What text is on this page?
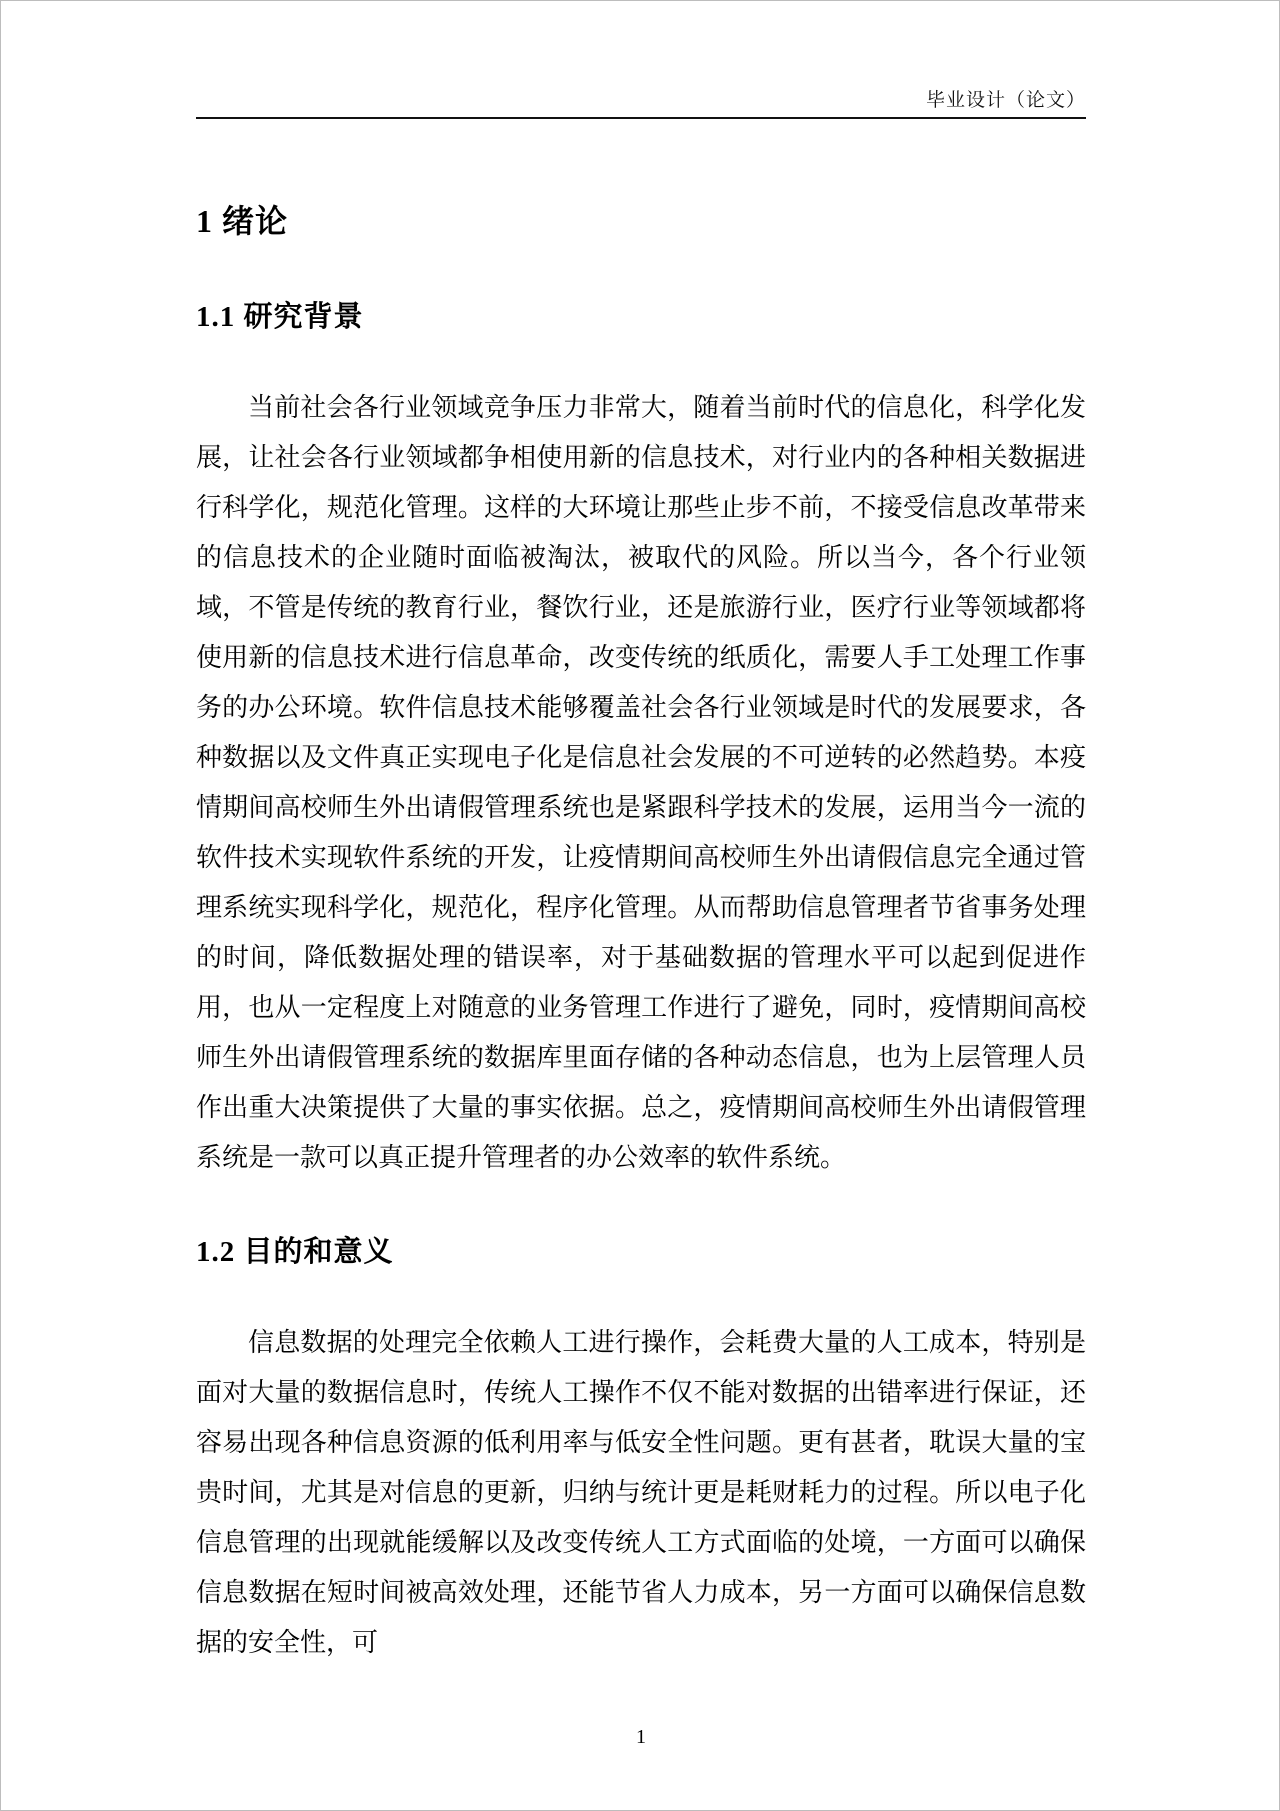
毕业设计（论文）
1 绪论
1.1 研究背景

当前社会各行业领域竞争压力非常大，随着当前时代的信息化，科学化发展，让社会各行业领域都争相使用新的信息技术，对行业内的各种相关数据进行科学化，规范化管理。这样的大环境让那些止步不前，不接受信息改革带来的信息技术的企业随时面临被淘汰，被取代的风险。所以当今，各个行业领域，不管是传统的教育行业，餐饮行业，还是旅游行业，医疗行业等领域都将使用新的信息技术进行信息革命，改变传统的纸质化，需要人手工处理工作事务的办公环境。软件信息技术能够覆盖社会各行业领域是时代的发展要求，各种数据以及文件真正实现电子化是信息社会发展的不可逆转的必然趋势。本疫情期间高校师生外出请假管理系统也是紧跟科学技术的发展，运用当今一流的软件技术实现软件系统的开发，让疫情期间高校师生外出请假信息完全通过管理系统实现科学化，规范化，程序化管理。从而帮助信息管理者节省事务处理的时间，降低数据处理的错误率，对于基础数据的管理水平可以起到促进作用，也从一定程度上对随意的业务管理工作进行了避免，同时，疫情期间高校师生外出请假管理系统的数据库里面存储的各种动态信息，也为上层管理人员作出重大决策提供了大量的事实依据。总之，疫情期间高校师生外出请假管理系统是一款可以真正提升管理者的办公效率的软件系统。

1.2 目的和意义

信息数据的处理完全依赖人工进行操作，会耗费大量的人工成本，特别是面对大量的数据信息时，传统人工操作不仅不能对数据的出错率进行保证，还容易出现各种信息资源的低利用率与低安全性问题。更有甚者，耽误大量的宝贵时间，尤其是对信息的更新，归纳与统计更是耗财耗力的过程。所以电子化信息管理的出现就能缓解以及改变传统人工方式面临的处境，一方面可以确保信息数据在短时间被高效处理，还能节省人力成本，另一方面可以确保信息数据的安全性，可

1
